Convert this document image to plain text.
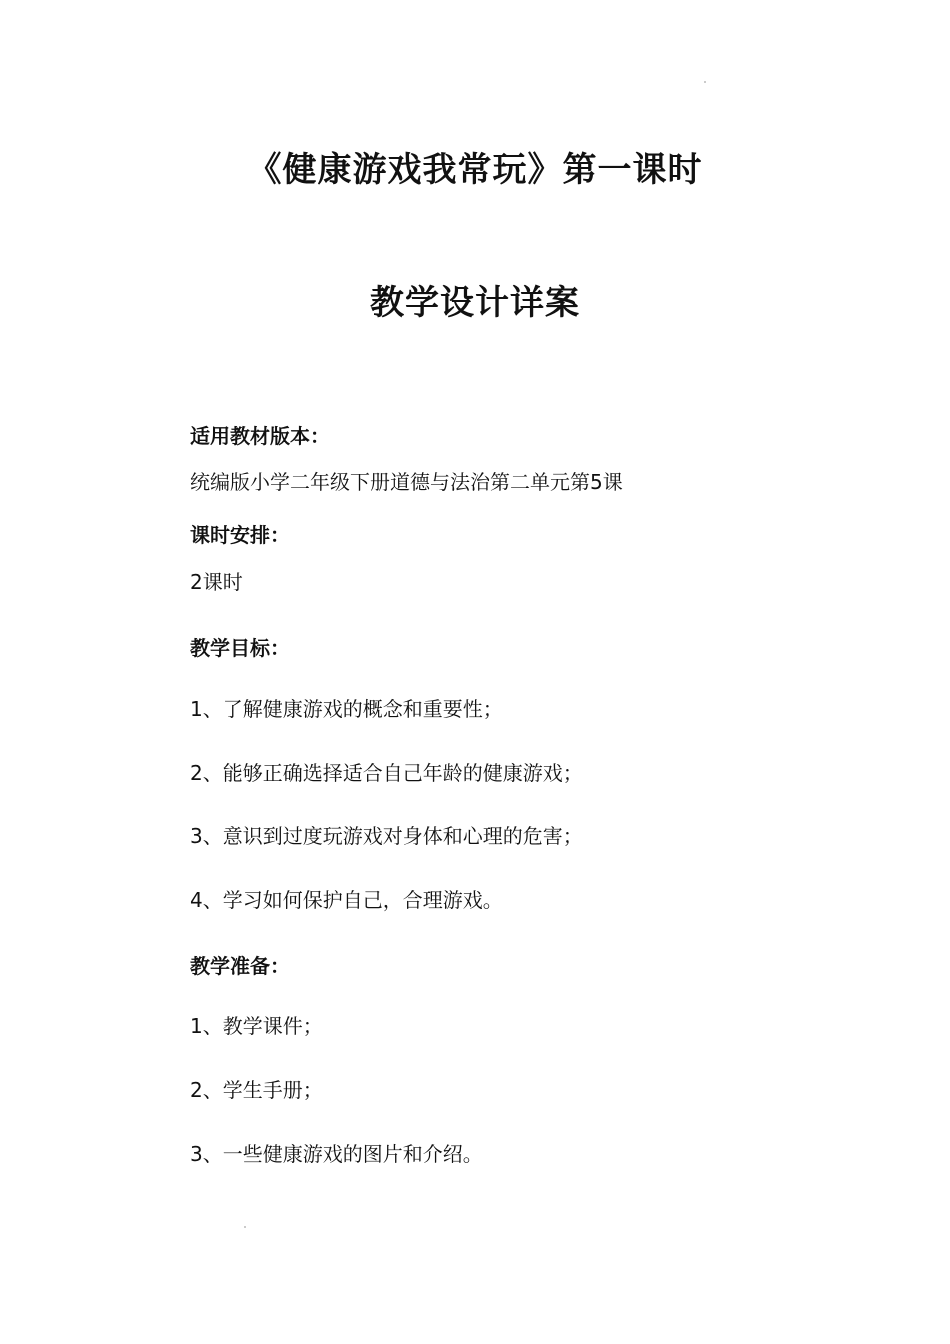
《健康游戏我常玩》第一课时
教学设计详案
适用教材版本：
统编版小学二年级下册道德与法治第二单元第5课
课时安排：
2课时
教学目标：
1、了解健康游戏的概念和重要性；
2、能够正确选择适合自己年龄的健康游戏；
3、意识到过度玩游戏对身体和心理的危害；
4、学习如何保护自己，合理游戏。
教学准备：
1、教学课件；
2、学生手册；
3、一些健康游戏的图片和介绍。
